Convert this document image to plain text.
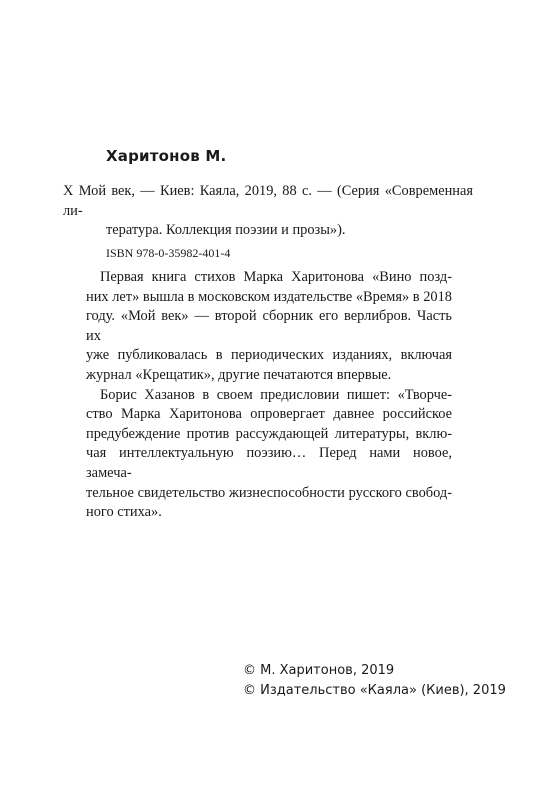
Харитонов М.
Х Мой век, — Киев: Каяла, 2019, 88 с. — (Серия «Современная ли-
тература. Коллекция поэзии и прозы»).
ISBN 978-0-35982-401-4
Первая книга стихов Марка Харитонова «Вино позд-
них лет» вышла в московском издательстве «Время» в 2018
году. «Мой век» — второй сборник его верлибров. Часть их
уже публиковалась в периодических изданиях, включая
журнал «Крещатик», другие печатаются впервые.
Борис Хазанов в своем предисловии пишет: «Творче-
ство Марка Харитонова опровергает давнее российское
предубеждение против рассуждающей литературы, вклю-
чая интеллектуальную поэзию… Перед нами новое, замеча-
тельное свидетельство жизнеспособности русского свобод-
ного стиха».
© М. Харитонов, 2019
© Издательство «Каяла» (Киев), 2019
